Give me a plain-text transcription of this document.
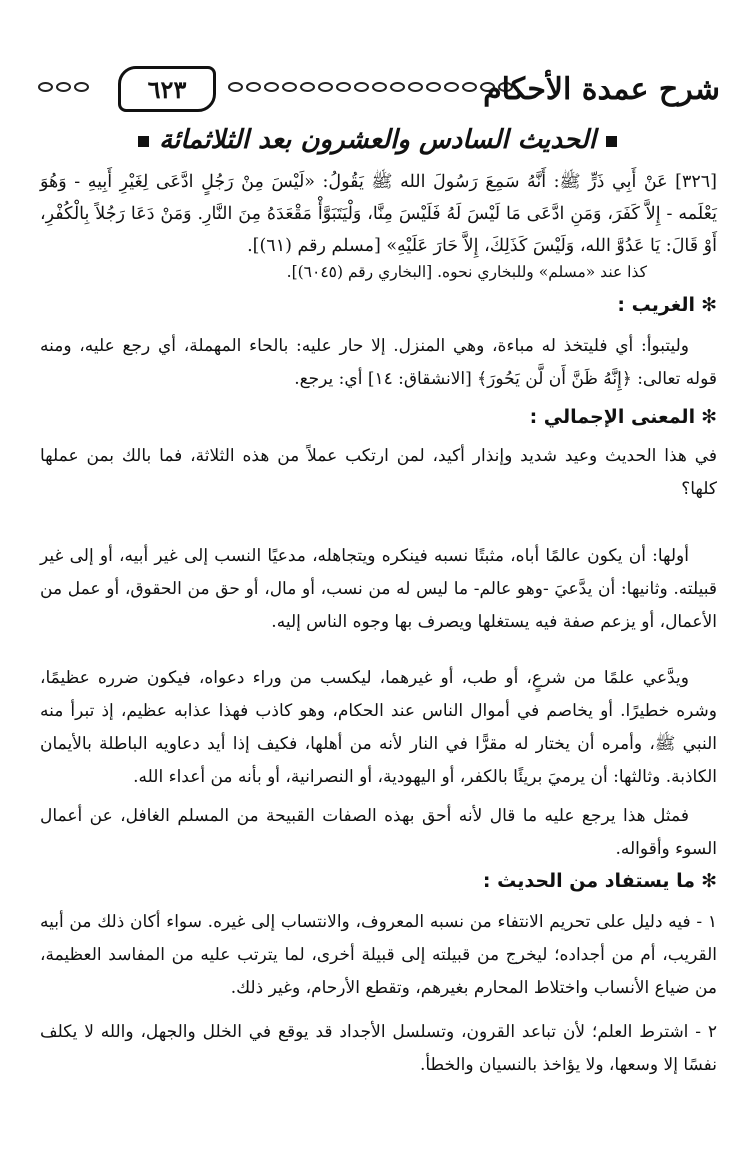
٦٢٣	شرح عمدة الأحكام
الحديث السادس والعشرون بعد الثلاثمائة
[٣٢٦] عَنْ أَبِي ذَرٍّ ﷺ: أَنَّهُ سَمِعَ رَسُولَ الله ﷺ يَقُولُ: «لَيْسَ مِنْ رَجُلٍ ادَّعَى لِغَيْرِ أَبِيهِ - وَهُوَ يَعْلَمه - إِلاَّ كَفَرَ، وَمَنِ ادَّعَى مَا لَيْسَ لَهُ فَلَيْسَ مِنَّا، وَلْيَتَبَوَّأْ مَقْعَدَهُ مِنَ النَّارِ. وَمَنْ دَعَا رَجُلاً بِالْكُفْرِ، أَوْ قَالَ: يَا عَدُوَّ الله، وَلَيْسَ كَذَلِكَ، إِلاَّ حَارَ عَلَيْهِ» [مسلم رقم (٦١)].
كذا عند «مسلم» وللبخاري نحوه. [البخاري رقم (٦٠٤٥)].
✻الغريب :
وليتبوأ: أي فليتخذ له مباءة، وهي المنزل. إلا حار عليه: بالحاء المهملة، أي رجع عليه، ومنه قوله تعالى: ﴿إِنَّهُ ظَنَّ أَن لَّن يَحُورَ﴾ [الانشقاق: ١٤] أي: يرجع.
✻المعنى الإجمالي :
في هذا الحديث وعيد شديد وإنذار أكيد، لمن ارتكب عملاً من هذه الثلاثة، فما بالك بمن عملها كلها؟
أولها: أن يكون عالمًا أباه، مثبتًا نسبه فينكره ويتجاهله، مدعيًا النسب إلى غير أبيه، أو إلى غير قبيلته. وثانيها: أن يدَّعيَ -وهو عالم- ما ليس له من نسب، أو مال، أو حق من الحقوق، أو عمل من الأعمال، أو يزعم صفة فيه يستغلها ويصرف بها وجوه الناس إليه.
ويدَّعي علمًا من شرعٍ، أو طب، أو غيرهما، ليكسب من وراء دعواه، فيكون ضرره عظيمًا، وشره خطيرًا. أو يخاصم في أموال الناس عند الحكام، وهو كاذب فهذا عذابه عظيم، إذ تبرأ منه النبي ﷺ، وأمره أن يختار له مقرًّا في النار لأنه من أهلها، فكيف إذا أيد دعاويه الباطلة بالأيمان الكاذبة. وثالثها: أن يرميَ بريئًا بالكفر، أو اليهودية، أو النصرانية، أو بأنه من أعداء الله.
فمثل هذا يرجع عليه ما قال لأنه أحق بهذه الصفات القبيحة من المسلم الغافل، عن أعمال السوء وأقواله.
✻ما يستفاد من الحديث :
١ - فيه دليل على تحريم الانتفاء من نسبه المعروف، والانتساب إلى غيره. سواء أكان ذلك من أبيه القريب، أم من أجداده؛ ليخرج من قبيلته إلى قبيلة أخرى، لما يترتب عليه من المفاسد العظيمة، من ضياع الأنساب واختلاط المحارم بغيرهم، وتقطع الأرحام، وغير ذلك.
٢ - اشترط العلم؛ لأن تباعد القرون، وتسلسل الأجداد قد يوقع في الخلل والجهل، والله لا يكلف نفسًا إلا وسعها، ولا يؤاخذ بالنسيان والخطأ.
